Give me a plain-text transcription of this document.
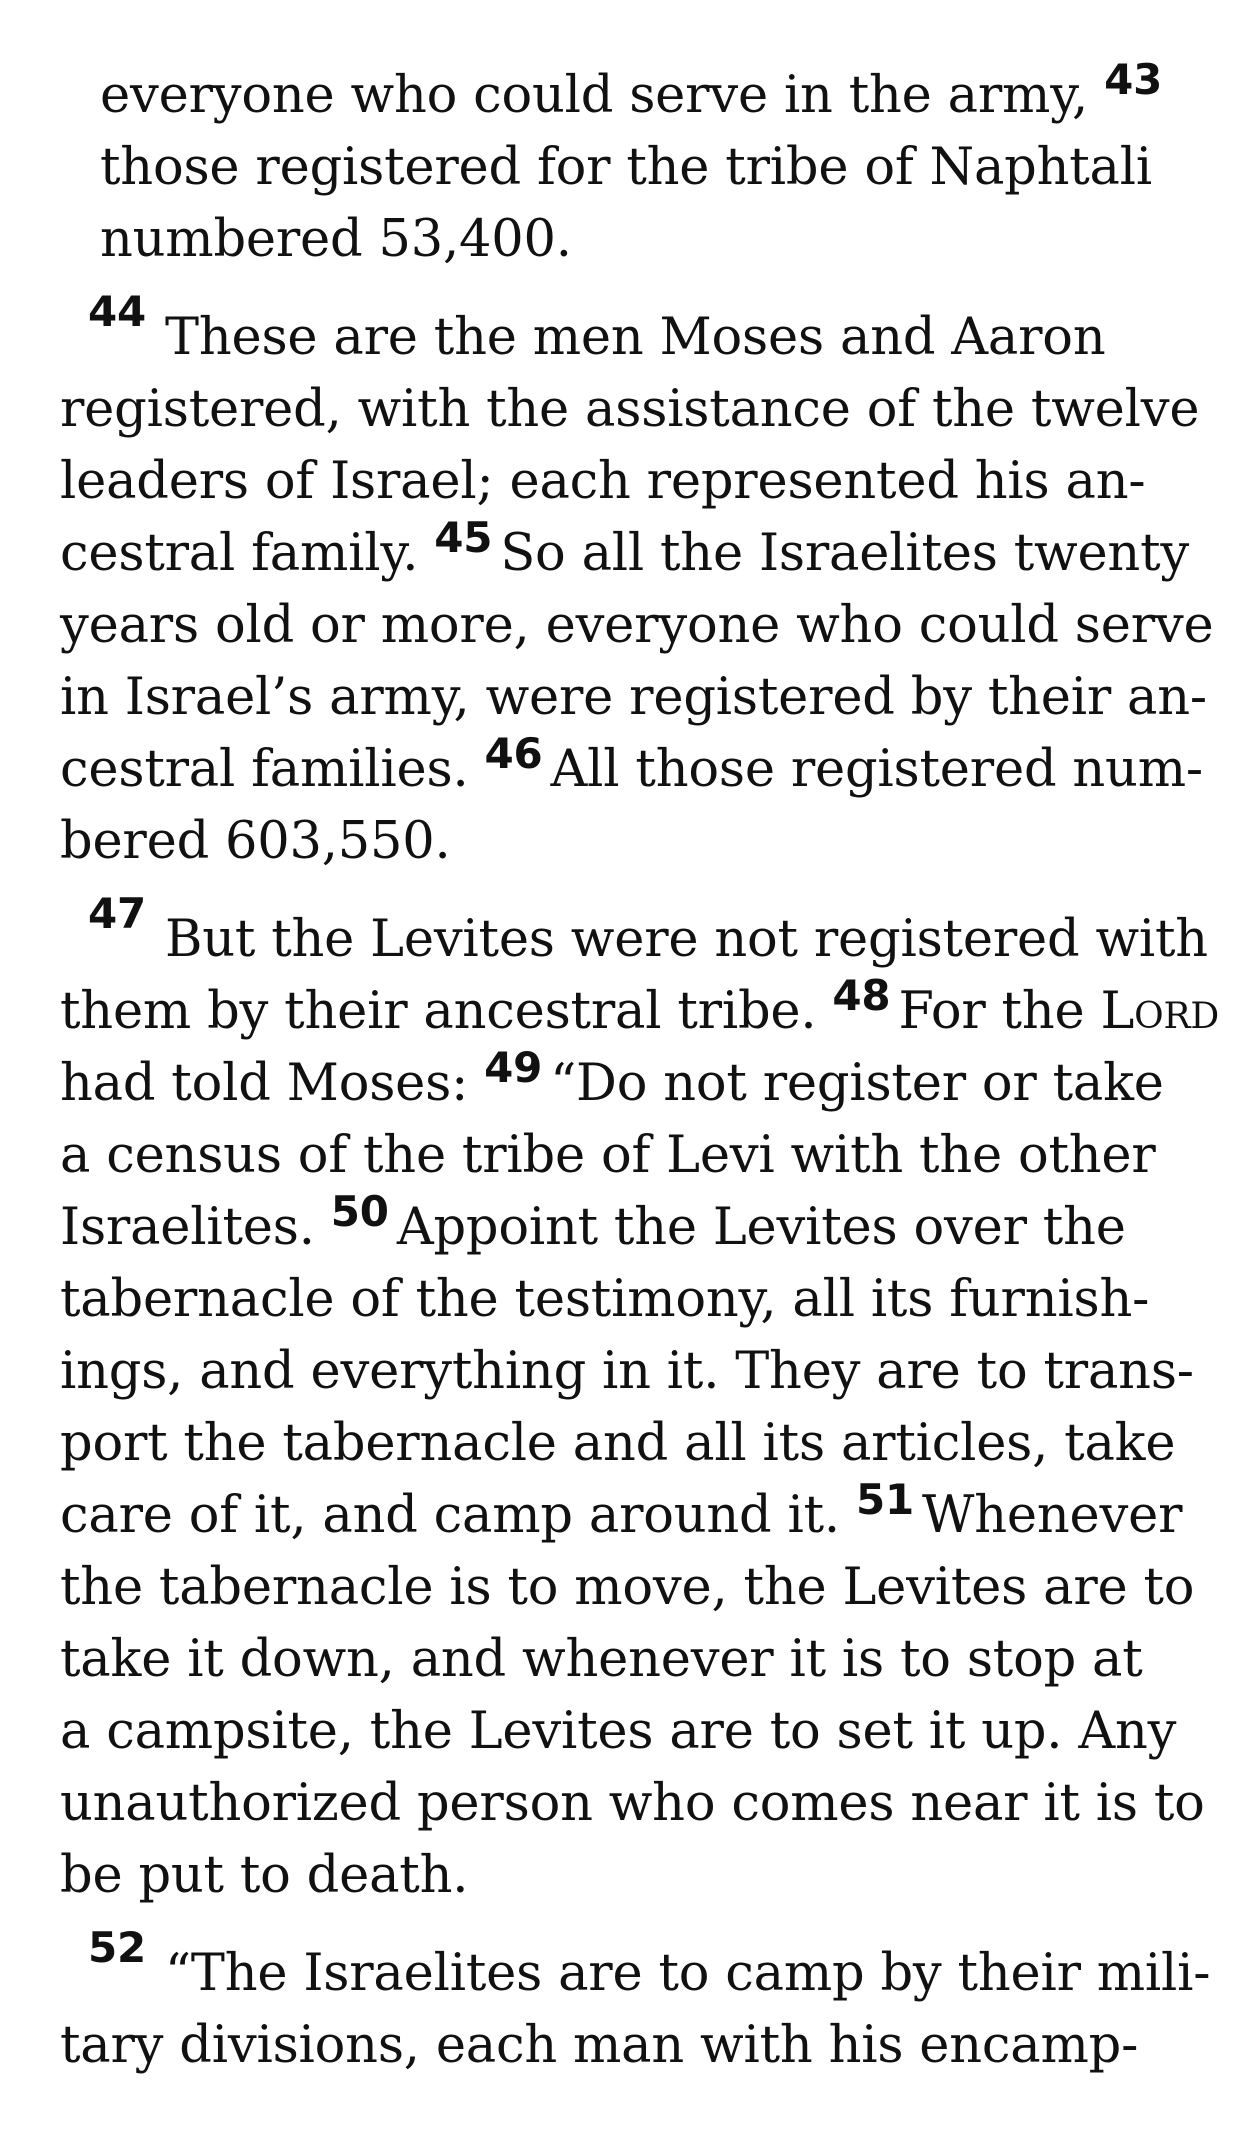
everyone who could serve in the army, $^{43}$
those registered for the tribe of Naphtali
numbered 53,400.
44 These are the men Moses and Aaron
registered, with the assistance of the twelve
leaders of Israel; each represented his an-
cestral family. $^{45}$ So all the Israelites twenty
years old or more, everyone who could serve
in Israel’s army, were registered by their an-
cestral families. $^{46}$ All those registered num-
bered 603,550.
47 But the Levites were not registered with
them by their ancestral tribe. $^{48}$ For the Lord
had told Moses: $^{49}$ “Do not register or take
a census of the tribe of Levi with the other
Israelites. $^{50}$ Appoint the Levites over the
tabernacle of the testimony, all its furnish-
ings, and everything in it. They are to trans-
port the tabernacle and all its articles, take
care of it, and camp around it. $^{51}$ Whenever
the tabernacle is to move, the Levites are to
take it down, and whenever it is to stop at
a campsite, the Levites are to set it up. Any
unauthorized person who comes near it is to
be put to death.
52 “The Israelites are to camp by their mili-
tary divisions, each man with his encamp-
